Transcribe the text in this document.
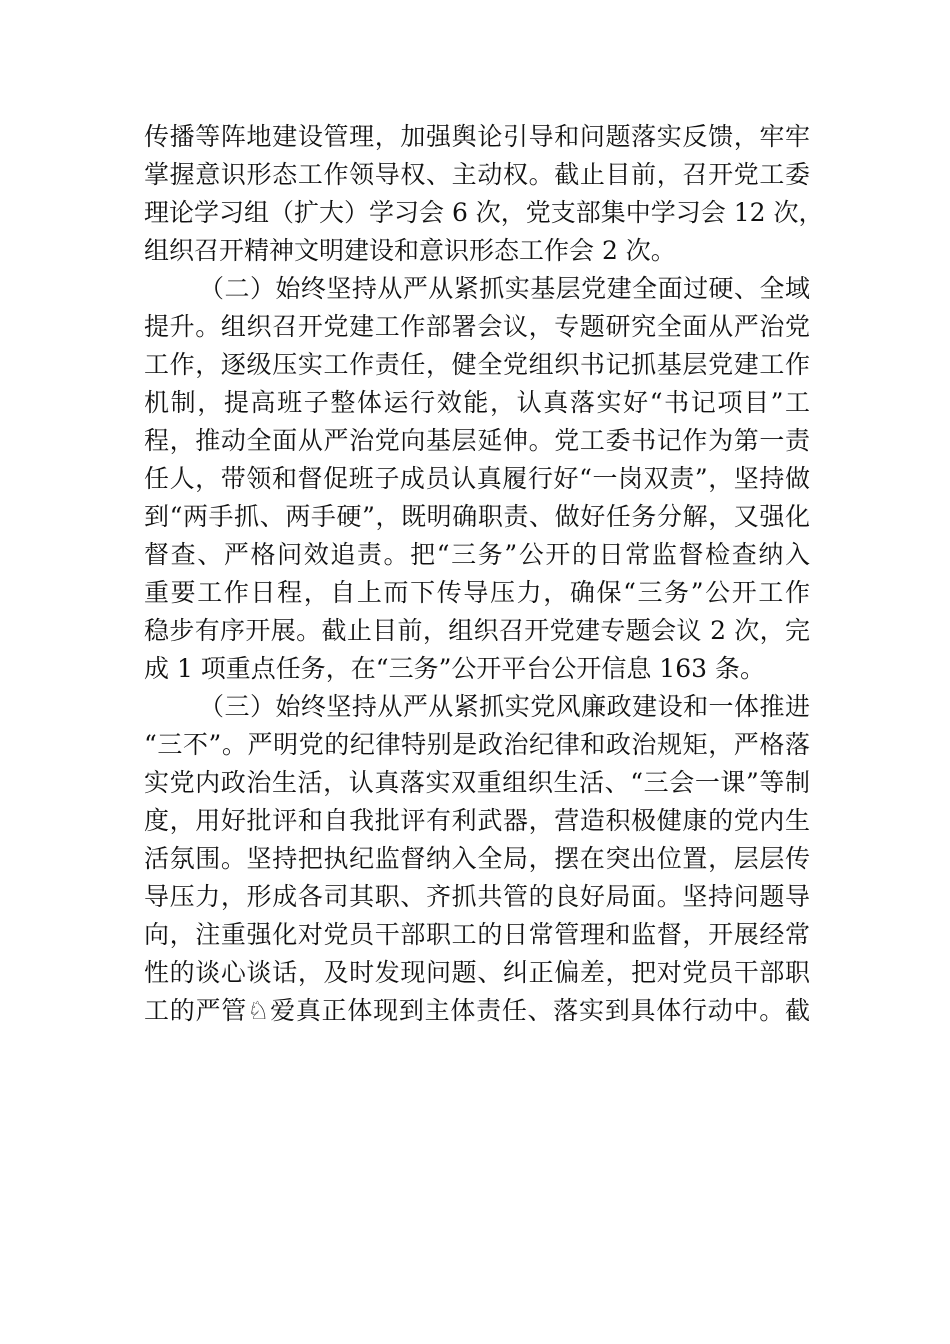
传播等阵地建设管理，加强舆论引导和问题落实反馈，牢牢

掌握意识形态工作领导权、主动权。截止目前，召开党工委

理论学习组（扩大）学习会 6 次，党支部集中学习会 12 次，

组织召开精神文明建设和意识形态工作会 2 次。

（二）始终坚持从严从紧抓实基层党建全面过硬、全域

提升。组织召开党建工作部署会议，专题研究全面从严治党

工作，逐级压实工作责任，健全党组织书记抓基层党建工作

机制，提高班子整体运行效能，认真落实好“书记项目”工

程，推动全面从严治党向基层延伸。党工委书记作为第一责

任人，带领和督促班子成员认真履行好“一岗双责”，坚持做

到“两手抓、两手硬”，既明确职责、做好任务分解，又强化

督查、严格问效追责。把“三务”公开的日常监督检查纳入

重要工作日程，自上而下传导压力，确保“三务”公开工作

稳步有序开展。截止目前，组织召开党建专题会议 2 次，完

成 1 项重点任务，在“三务”公开平台公开信息 163 条。

（三）始终坚持从严从紧抓实党风廉政建设和一体推进

“三不”。严明党的纪律特别是政治纪律和政治规矩，严格落

实党内政治生活，认真落实双重组织生活、“三会一课”等制

度，用好批评和自我批评有利武器，营造积极健康的党内生

活氛围。坚持把执纪监督纳入全局，摆在突出位置，层层传

导压力，形成各司其职、齐抓共管的良好局面。坚持问题导

向，注重强化对党员干部职工的日常管理和监督，开展经常

性的谈心谈话，及时发现问题、纠正偏差，把对党员干部职

工的严管♘爱真正体现到主体责任、落实到具体行动中。截
